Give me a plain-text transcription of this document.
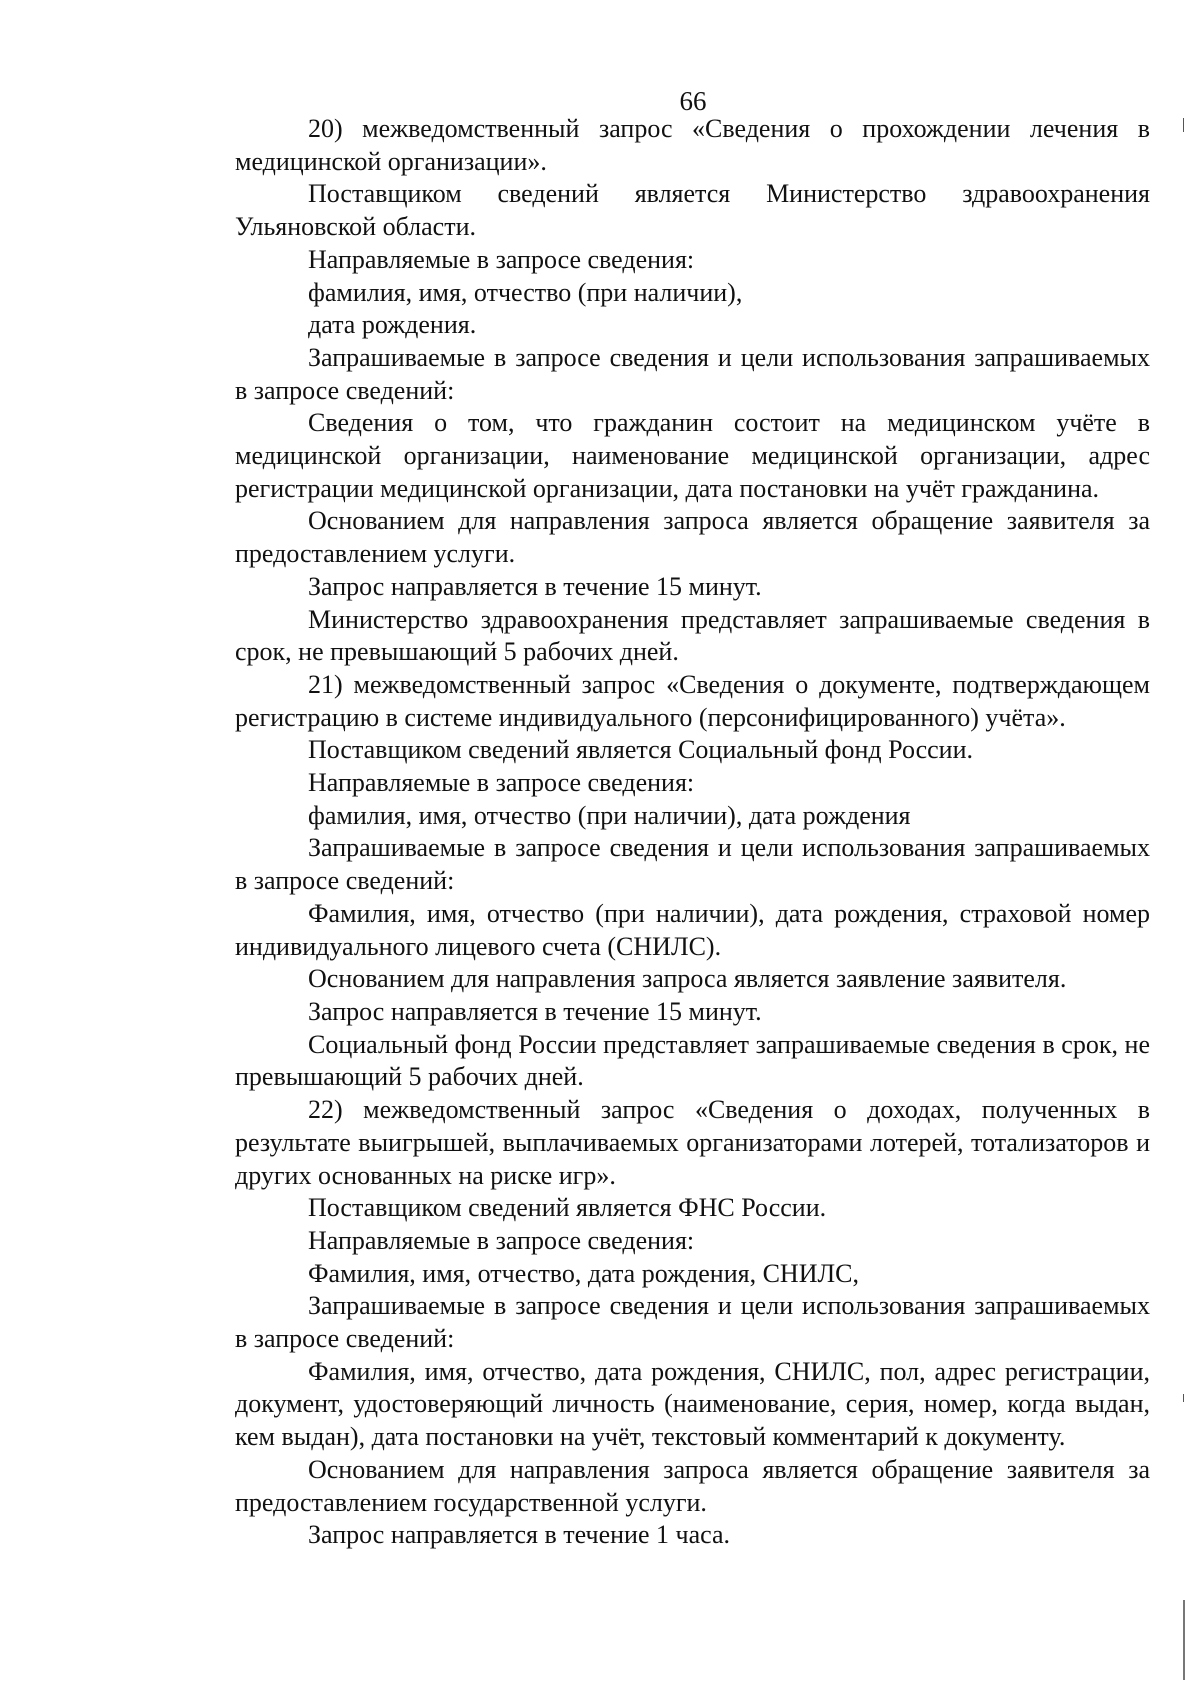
66

20) межведомственный запрос «Сведения о прохождении лечения в медицинской организации».

Поставщиком сведений является Министерство здравоохранения Ульяновской области.

Направляемые в запросе сведения:

фамилия, имя, отчество (при наличии),

дата рождения.

Запрашиваемые в запросе сведения и цели использования запрашиваемых в запросе сведений:

Сведения о том, что гражданин состоит на медицинском учёте в медицинской организации, наименование медицинской организации, адрес регистрации медицинской организации, дата постановки на учёт гражданина.

Основанием для направления запроса является обращение заявителя за предоставлением услуги.

Запрос направляется в течение 15 минут.

Министерство здравоохранения представляет запрашиваемые сведения в срок, не превышающий 5 рабочих дней.

21) межведомственный запрос «Сведения о документе, подтверждающем регистрацию в системе индивидуального (персонифицированного) учёта».

Поставщиком сведений является Социальный фонд России.

Направляемые в запросе сведения:

фамилия, имя, отчество (при наличии), дата рождения

Запрашиваемые в запросе сведения и цели использования запрашиваемых в запросе сведений:

Фамилия, имя, отчество (при наличии), дата рождения, страховой номер индивидуального лицевого счета (СНИЛС).

Основанием для направления запроса является заявление заявителя.

Запрос направляется в течение 15 минут.

Социальный фонд России представляет запрашиваемые сведения в срок, не превышающий 5 рабочих дней.

22) межведомственный запрос «Сведения о доходах, полученных в результате выигрышей, выплачиваемых организаторами лотерей, тотализаторов и других основанных на риске игр».

Поставщиком сведений является ФНС России.

Направляемые в запросе сведения:

Фамилия, имя, отчество, дата рождения, СНИЛС,

Запрашиваемые в запросе сведения и цели использования запрашиваемых в запросе сведений:

Фамилия, имя, отчество, дата рождения, СНИЛС, пол, адрес регистрации, документ, удостоверяющий личность (наименование, серия, номер, когда выдан, кем выдан), дата постановки на учёт, текстовый комментарий к документу.

Основанием для направления запроса является обращение заявителя за предоставлением государственной услуги.

Запрос направляется в течение 1 часа.
